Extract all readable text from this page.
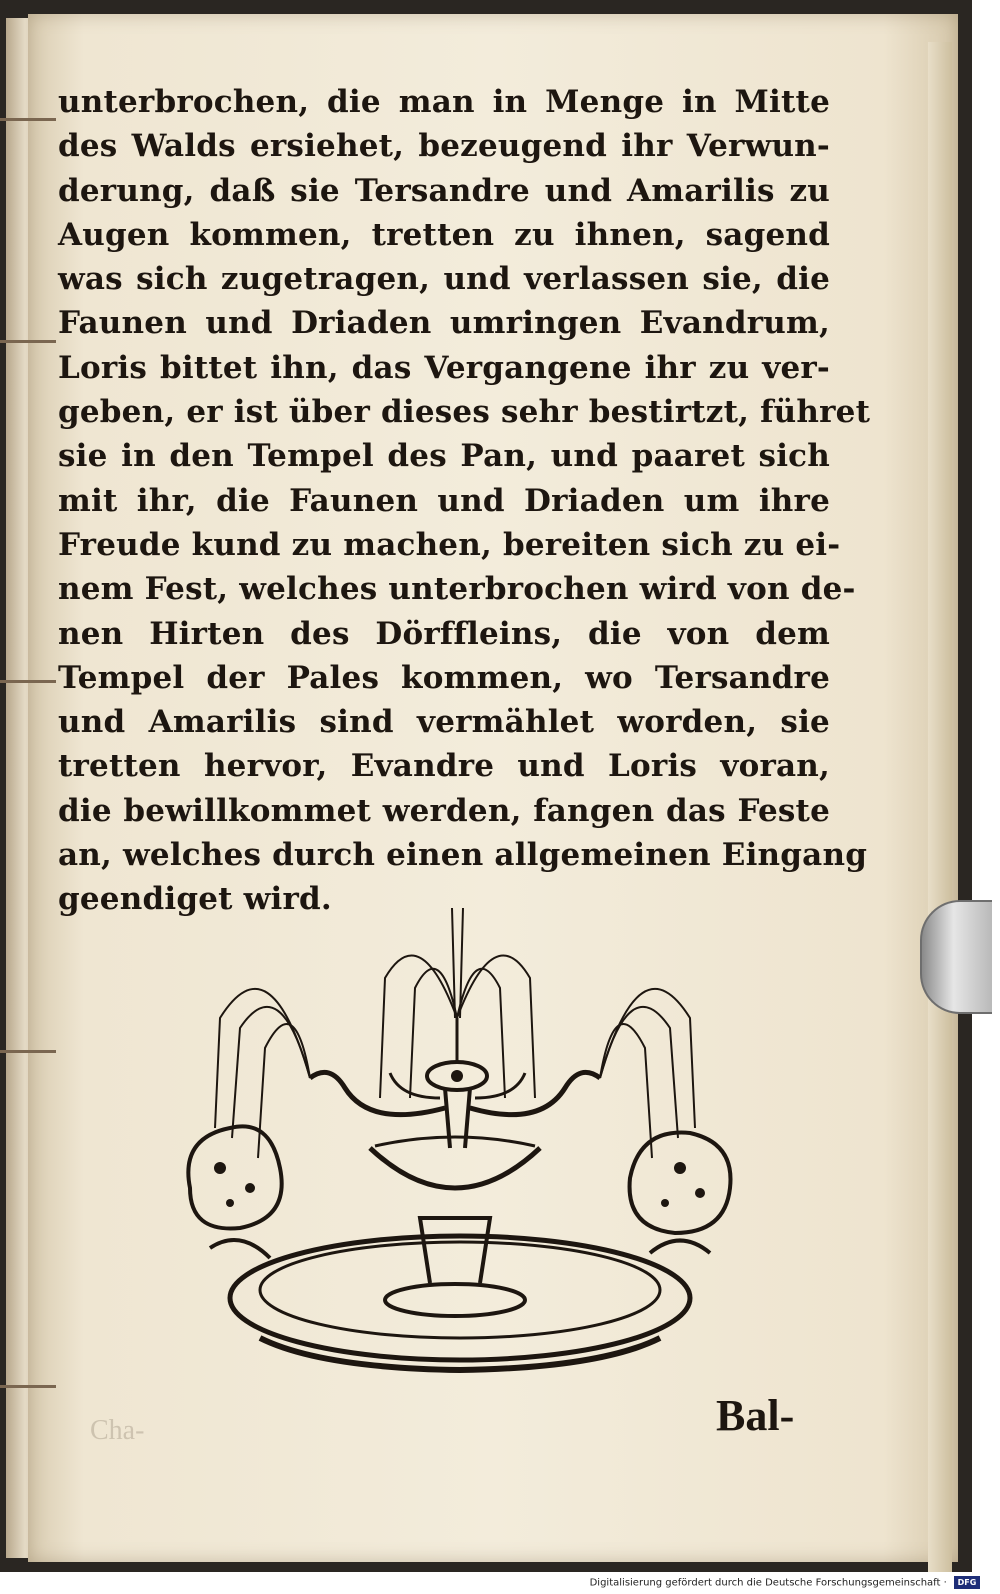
Cha-
unterbrochen, die man in Menge in Mitte
des Walds ersiehet, bezeugend ihr Verwun-
derung, daß sie Tersandre und Amarilis zu
Augen kommen, tretten zu ihnen, sagend
was sich zugetragen, und verlassen sie, die
Faunen und Driaden umringen Evandrum,
Loris bittet ihn, das Vergangene ihr zu ver-
geben, er ist über dieses sehr bestirtzt, führet
sie in den Tempel des Pan, und paaret sich
mit ihr, die Faunen und Driaden um ihre
Freude kund zu machen, bereiten sich zu ei-
nem Fest, welches unterbrochen wird von de-
nen Hirten des Dörffleins, die von dem
Tempel der Pales kommen, wo Tersandre
und Amarilis sind vermählet worden, sie
tretten hervor, Evandre und Loris voran,
die bewillkommet werden, fangen das Feste
an, welches durch einen allgemeinen Eingang
geendiget wird.
Bal-
Digitalisierung gefördert durch die Deutsche Forschungsgemeinschaft · DFG
